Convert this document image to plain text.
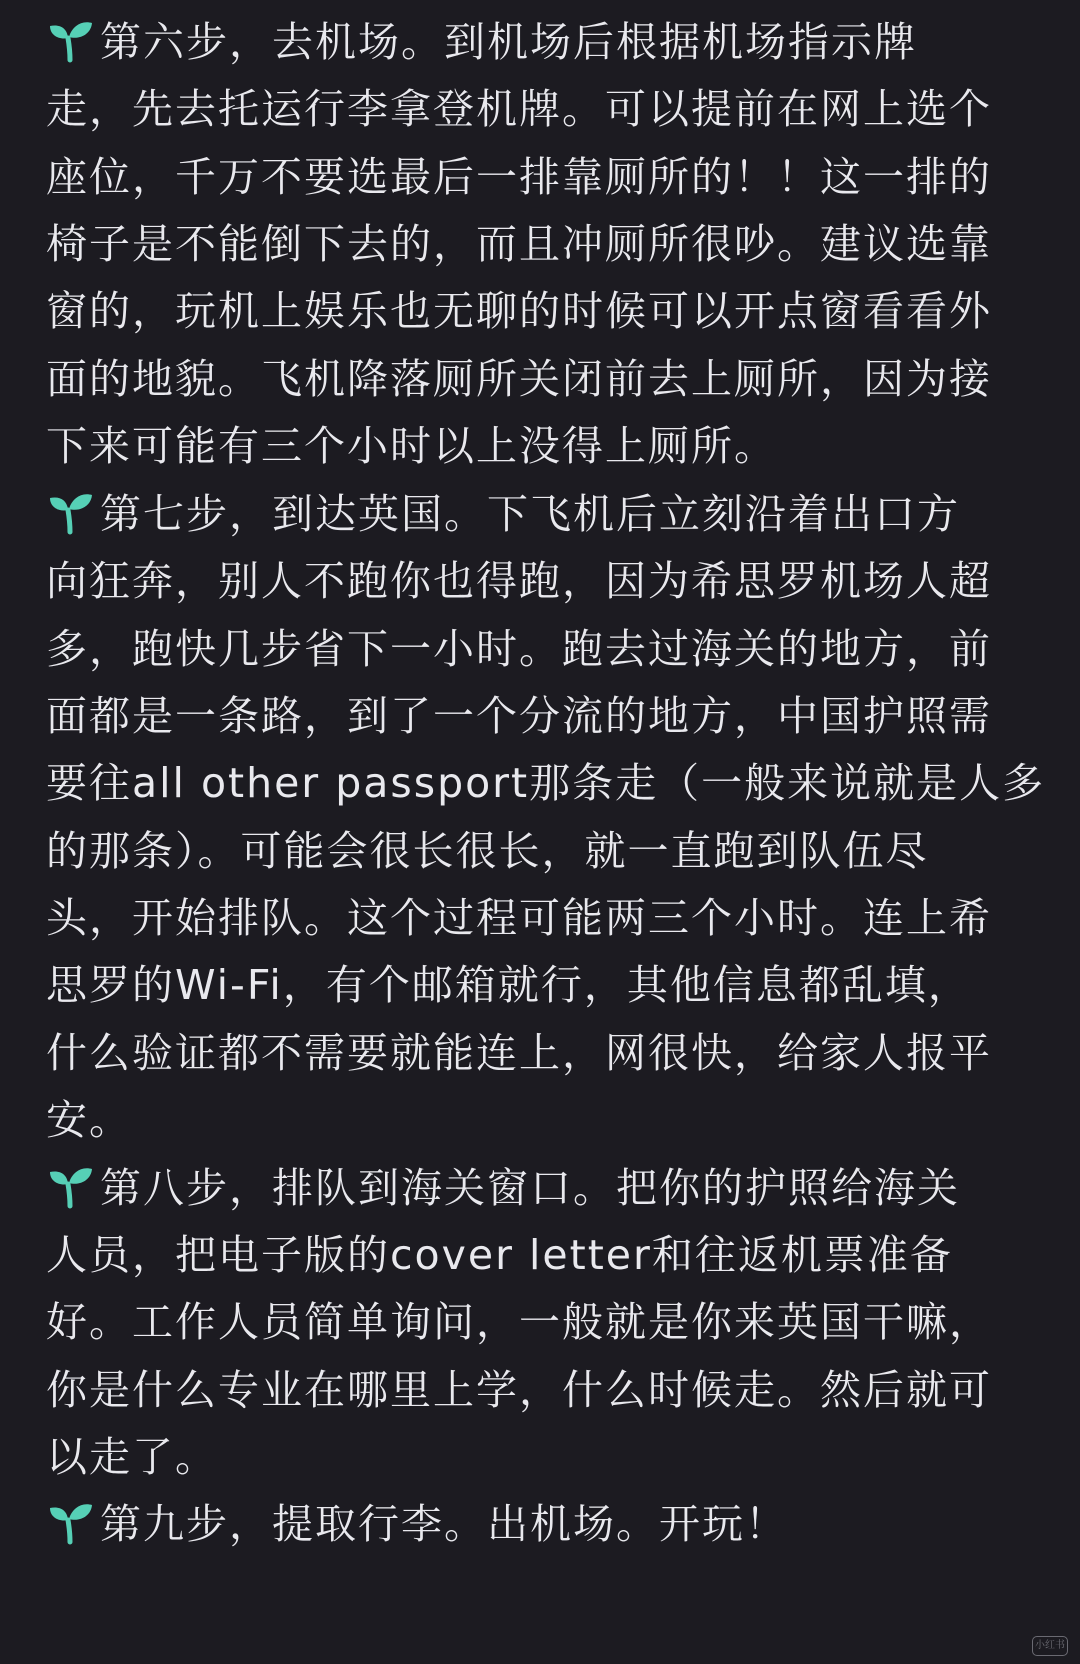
第六步，去机场。到机场后根据机场指示牌
走，先去托运行李拿登机牌。可以提前在网上选个
座位，千万不要选最后一排靠厕所的！！这一排的
椅子是不能倒下去的，而且冲厕所很吵。建议选靠
窗的，玩机上娱乐也无聊的时候可以开点窗看看外
面的地貌。飞机降落厕所关闭前去上厕所，因为接
下来可能有三个小时以上没得上厕所。
第七步，到达英国。下飞机后立刻沿着出口方
向狂奔，别人不跑你也得跑，因为希思罗机场人超
多，跑快几步省下一小时。跑去过海关的地方，前
面都是一条路，到了一个分流的地方，中国护照需
要往all other passport那条走（一般来说就是人多
的那条）。可能会很长很长，就一直跑到队伍尽
头，开始排队。这个过程可能两三个小时。连上希
思罗的Wi-Fi，有个邮箱就行，其他信息都乱填，
什么验证都不需要就能连上，网很快，给家人报平
安。
第八步，排队到海关窗口。把你的护照给海关
人员，把电子版的cover letter和往返机票准备
好。工作人员简单询问，一般就是你来英国干嘛，
你是什么专业在哪里上学，什么时候走。然后就可
以走了。
第九步，提取行李。出机场。开玩！
小红书
